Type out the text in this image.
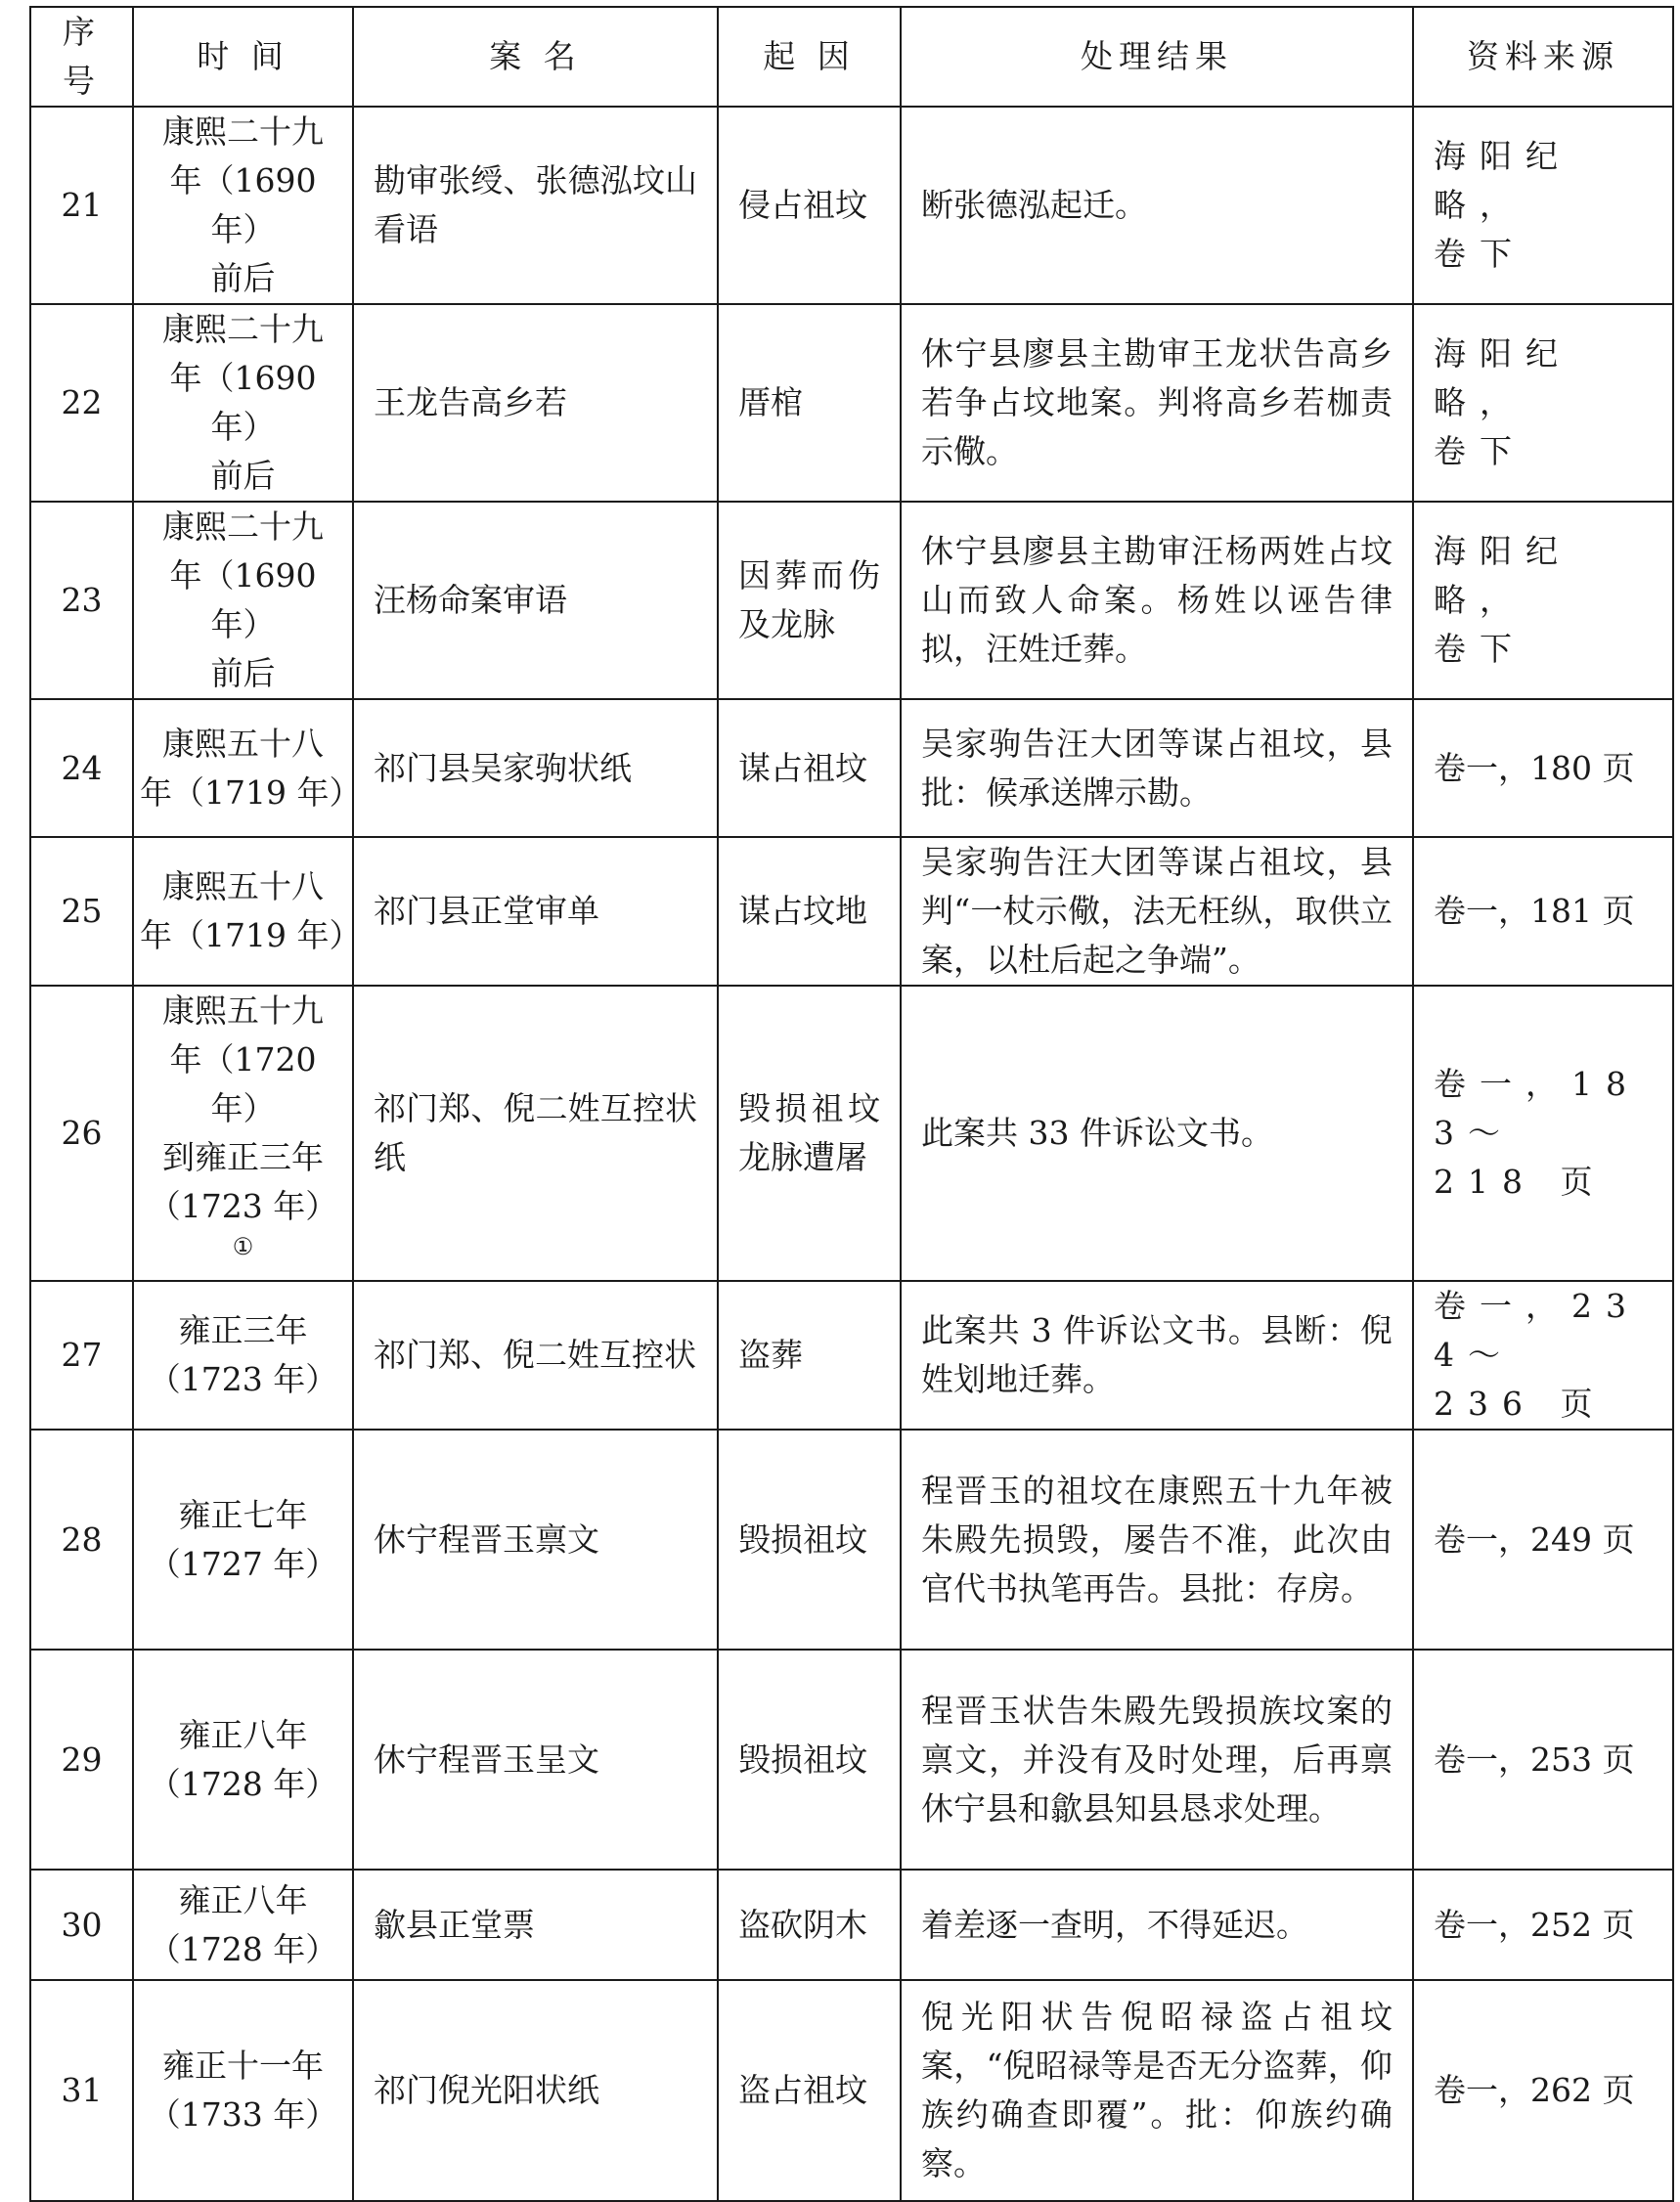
序号	时 间	案 名	起 因	处理结果	资料来源
21	康熙二十九
年（1690 年）
前后	勘审张绶、张德泓坟山看语	侵占祖坟	断张德泓起迁。	海阳纪略，
卷下
22	康熙二十九
年（1690 年）
前后	王龙告高乡若	厝棺	休宁县廖县主勘审王龙状告高乡若争占坟地案。判将高乡若枷责示儆。	海阳纪略，
卷下
23	康熙二十九
年（1690 年）
前后	汪杨命案审语	因葬而伤及龙脉	休宁县廖县主勘审汪杨两姓占坟山而致人命案。杨姓以诬告律拟，汪姓迁葬。	海阳纪略，
卷下
24	康熙五十八
年（1719 年）	祁门县吴家驹状纸	谋占祖坟	吴家驹告汪大团等谋占祖坟，县批：候承送牌示勘。	卷一，180 页
25	康熙五十八
年（1719 年）	祁门县正堂审单	谋占坟地	吴家驹告汪大团等谋占祖坟，县判“一杖示儆，法无枉纵，取供立案，以杜后起之争端”。	卷一，181 页
26	康熙五十九
年（1720 年）
到雍正三年
（1723 年）①	祁门郑、倪二姓互控状纸	毁损祖坟龙脉遭屠	此案共 33 件诉讼文书。	卷一，183～
218 页
27	雍正三年
（1723 年）	祁门郑、倪二姓互控状	盗葬	此案共 3 件诉讼文书。县断：倪姓划地迁葬。	卷一，234～
236 页
28	雍正七年
（1727 年）	休宁程晋玉禀文	毁损祖坟	程晋玉的祖坟在康熙五十九年被朱殿先损毁，屡告不准，此次由官代书执笔再告。县批：存房。	卷一，249 页
29	雍正八年
（1728 年）	休宁程晋玉呈文	毁损祖坟	程晋玉状告朱殿先毁损族坟案的禀文，并没有及时处理，后再禀休宁县和歙县知县恳求处理。	卷一，253 页
30	雍正八年
（1728 年）	歙县正堂票	盗砍阴木	着差逐一查明，不得延迟。	卷一，252 页
31	雍正十一年
（1733 年）	祁门倪光阳状纸	盗占祖坟	倪光阳状告倪昭禄盗占祖坟案，“倪昭禄等是否无分盗葬，仰族约确查即覆”。批：仰族约确察。	卷一，262 页
